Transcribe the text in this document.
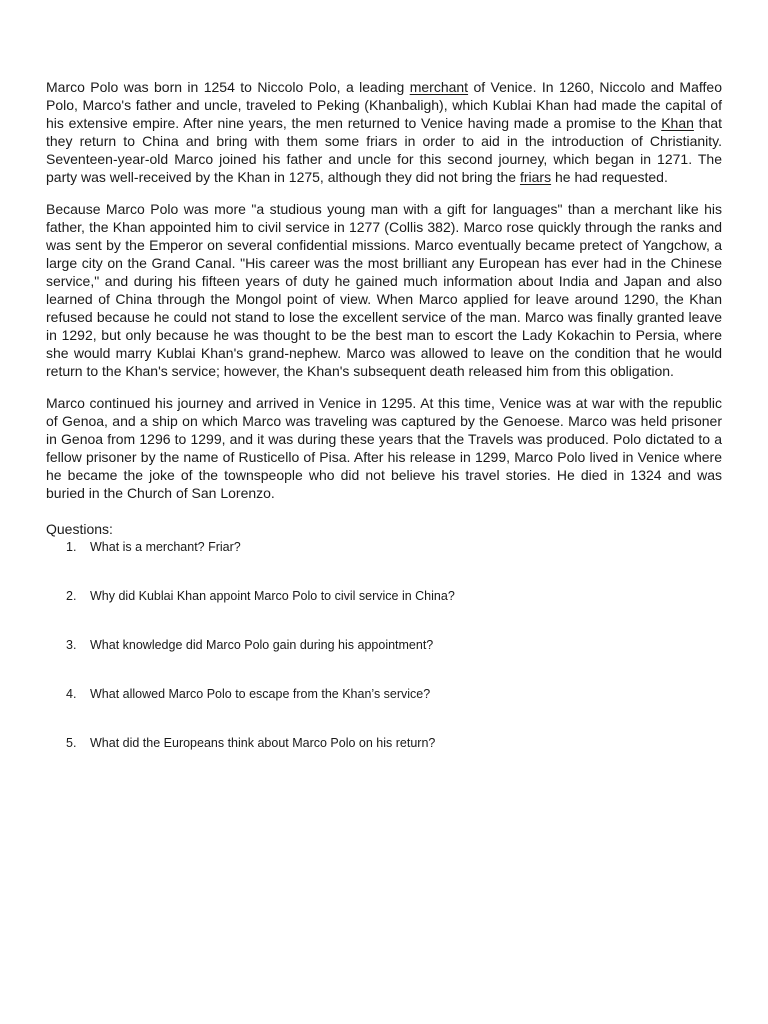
Marco Polo was born in 1254 to Niccolo Polo, a leading merchant of Venice. In 1260, Niccolo and Maffeo Polo, Marco's father and uncle, traveled to Peking (Khanbaligh), which Kublai Khan had made the capital of his extensive empire. After nine years, the men returned to Venice having made a promise to the Khan that they return to China and bring with them some friars in order to aid in the introduction of Christianity. Seventeen-year-old Marco joined his father and uncle for this second journey, which began in 1271. The party was well-received by the Khan in 1275, although they did not bring the friars he had requested.

Because Marco Polo was more "a studious young man with a gift for languages" than a merchant like his father, the Khan appointed him to civil service in 1277 (Collis 382). Marco rose quickly through the ranks and was sent by the Emperor on several confidential missions. Marco eventually became pretect of Yangchow, a large city on the Grand Canal. "His career was the most brilliant any European has ever had in the Chinese service," and during his fifteen years of duty he gained much information about India and Japan and also learned of China through the Mongol point of view. When Marco applied for leave around 1290, the Khan refused because he could not stand to lose the excellent service of the man. Marco was finally granted leave in 1292, but only because he was thought to be the best man to escort the Lady Kokachin to Persia, where she would marry Kublai Khan's grand-nephew. Marco was allowed to leave on the condition that he would return to the Khan's service; however, the Khan's subsequent death released him from this obligation.

Marco continued his journey and arrived in Venice in 1295. At this time, Venice was at war with the republic of Genoa, and a ship on which Marco was traveling was captured by the Genoese. Marco was held prisoner in Genoa from 1296 to 1299, and it was during these years that the Travels was produced. Polo dictated to a fellow prisoner by the name of Rusticello of Pisa. After his release in 1299, Marco Polo lived in Venice where he became the joke of the townspeople who did not believe his travel stories. He died in 1324 and was buried in the Church of San Lorenzo.

Questions:
1.	What is a merchant? Friar?
2.	Why did Kublai Khan appoint Marco Polo to civil service in China?
3.	What knowledge did Marco Polo gain during his appointment?
4.	What allowed Marco Polo to escape from the Khan’s service?
5.	What did the Europeans think about Marco Polo on his return?
